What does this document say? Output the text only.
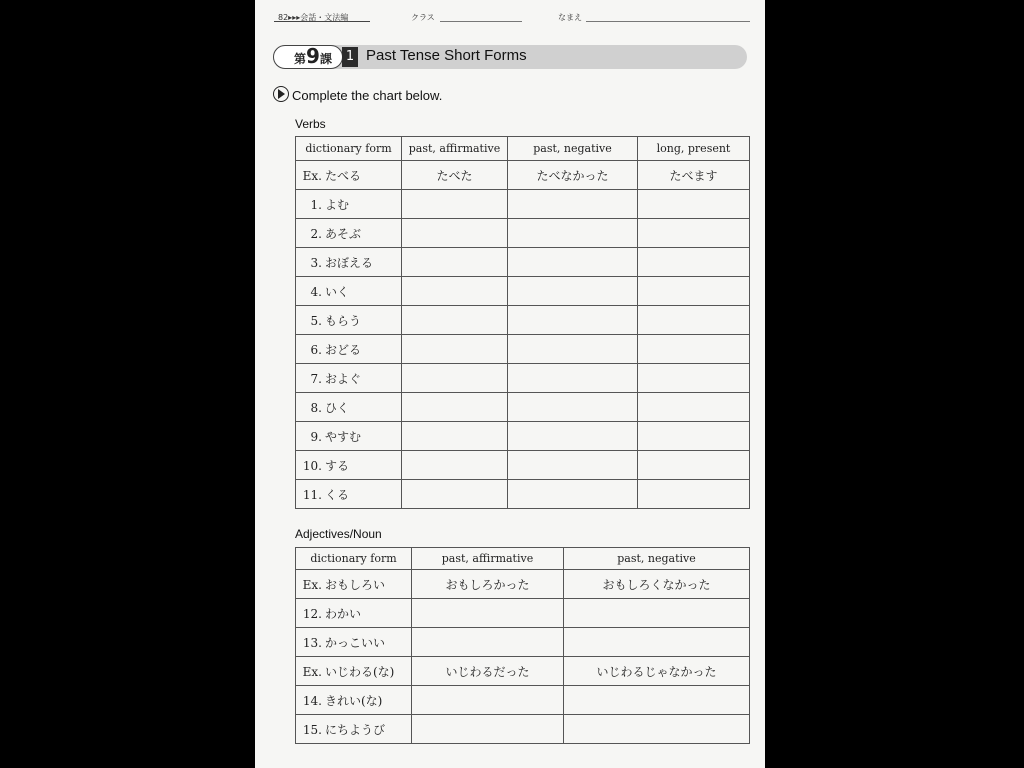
82▸▸▸会話・文法編	クラス	なまえ
第9課 1 Past Tense Short Forms
Complete the chart below.
Verbs
dictionary form	past, affirmative	past, negative	long, present
Ex. たべる	たべた	たべなかった	たべます
1. よむ			
2. あそぶ			
3. おぼえる			
4. いく			
5. もらう			
6. おどる			
7. およぐ			
8. ひく			
9. やすむ			
10. する			
11. くる			
Adjectives/Noun
dictionary form	past, affirmative	past, negative
Ex. おもしろい	おもしろかった	おもしろくなかった
12. わかい		
13. かっこいい		
Ex. いじわる(な)	いじわるだった	いじわるじゃなかった
14. きれい(な)		
15. にちようび		
